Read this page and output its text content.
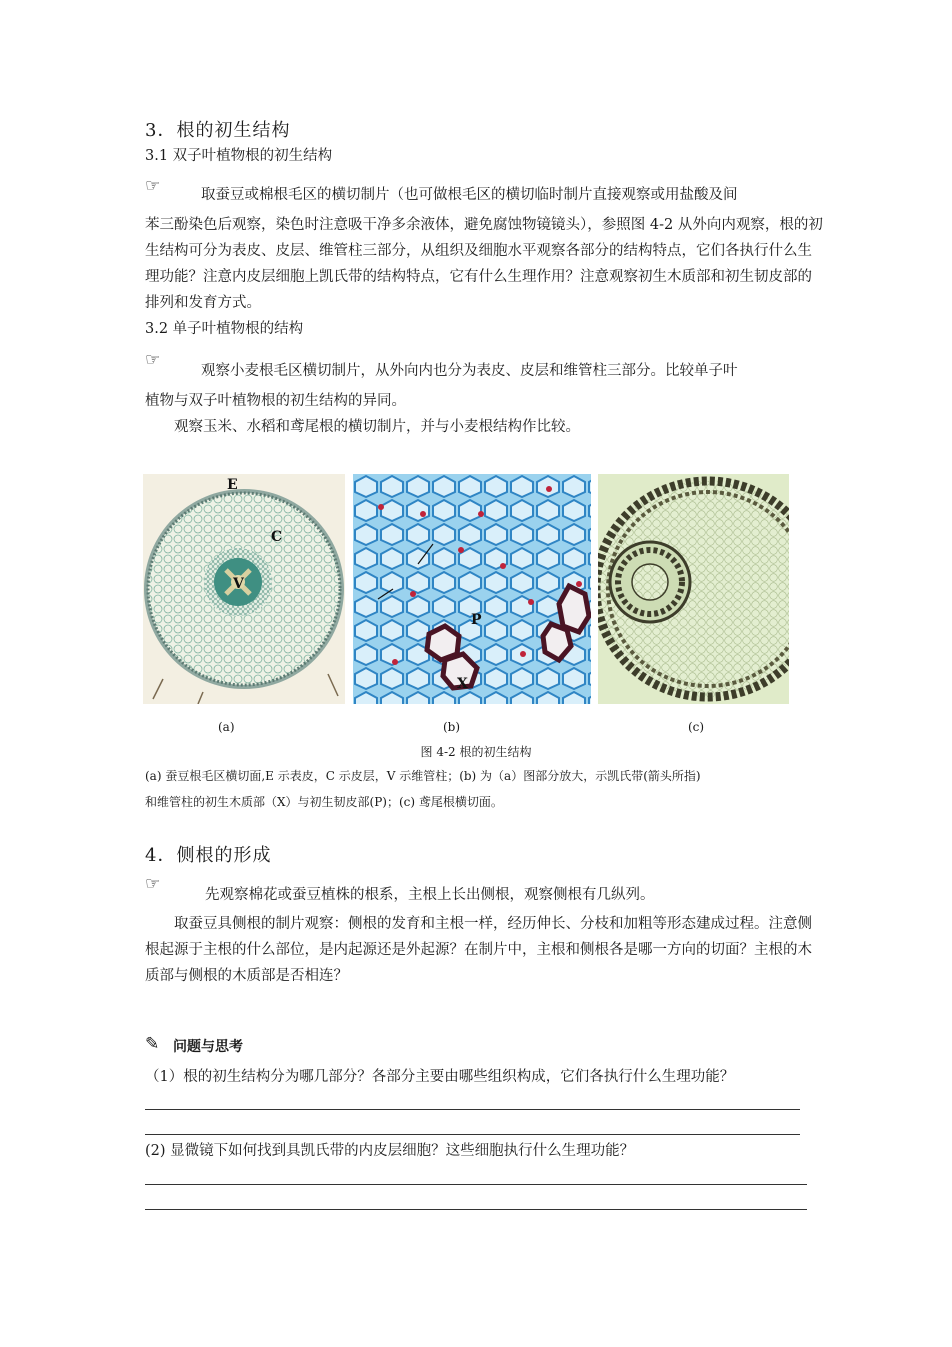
3．根的初生结构
3.1 双子叶植物根的初生结构
☞	取蚕豆或棉根毛区的横切制片（也可做根毛区的横切临时制片直接观察或用盐酸及间
苯三酚染色后观察，染色时注意吸干净多余液体，避免腐蚀物镜镜头），参照图 4-2 从外向内观察，根的初生结构可分为表皮、皮层、维管柱三部分，从组织及细胞水平观察各部分的结构特点，它们各执行什么生理功能？注意内皮层细胞上凯氏带的结构特点，它有什么生理作用？注意观察初生木质部和初生韧皮部的排列和发育方式。
3.2 单子叶植物根的结构
☞
观察小麦根毛区横切制片，从外向内也分为表皮、皮层和维管柱三部分。比较单子叶
植物与双子叶植物根的初生结构的异同。
观察玉米、水稻和鸢尾根的横切制片，并与小麦根结构作比较。
E
C
V
P
X
(a)	(b)	(c)
图 4-2 根的初生结构
(a) 蚕豆根毛区横切面,E 示表皮，C 示皮层，V 示维管柱；(b) 为（a）图部分放大，示凯氏带(箭头所指)
和维管柱的初生木质部（X）与初生韧皮部(P)；(c) 鸢尾根横切面。
4．侧根的形成
☞
先观察棉花或蚕豆植株的根系，主根上长出侧根，观察侧根有几纵列。
取蚕豆具侧根的制片观察：侧根的发育和主根一样，经历伸长、分枝和加粗等形态建成过程。注意侧根起源于主根的什么部位，是内起源还是外起源？在制片中，主根和侧根各是哪一方向的切面？主根的木质部与侧根的木质部是否相连？
✎ 问题与思考
（1）根的初生结构分为哪几部分？各部分主要由哪些组织构成，它们各执行什么生理功能？
(2) 显微镜下如何找到具凯氏带的内皮层细胞？这些细胞执行什么生理功能？
